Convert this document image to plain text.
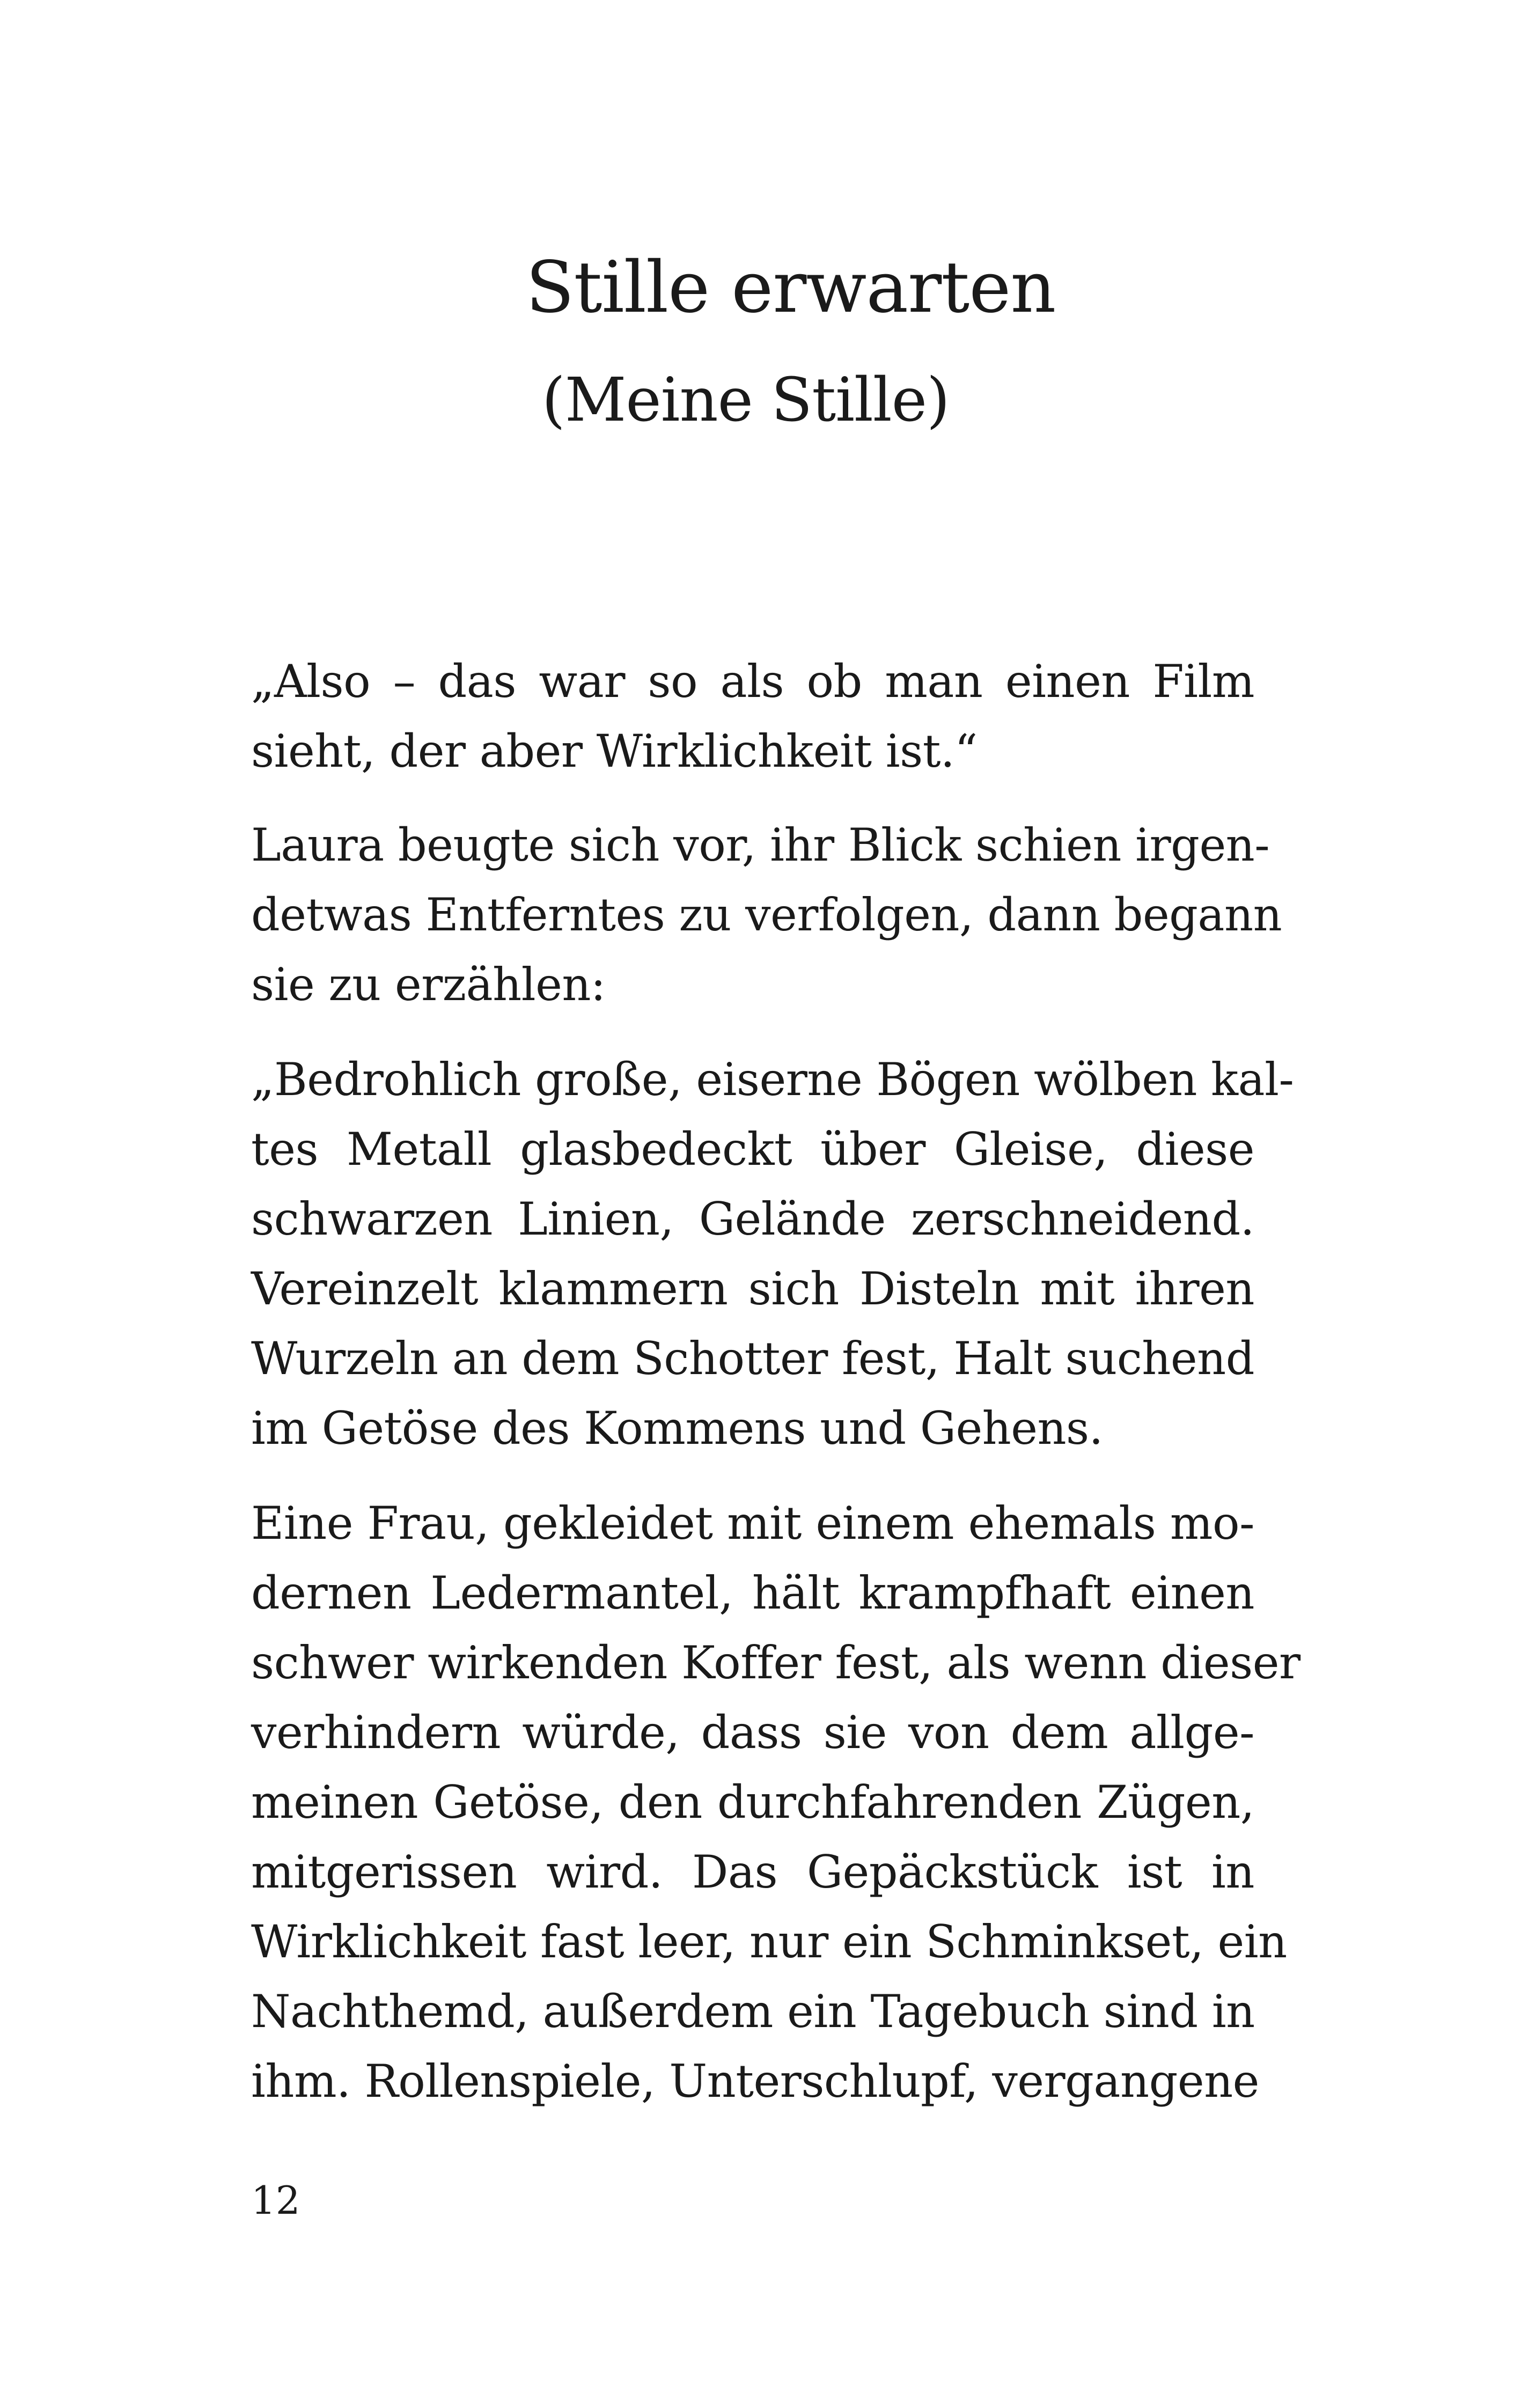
Stille erwarten
(Meine Stille)

„Also – das war so als ob man einen Film
sieht, der aber Wirklichkeit ist.“

Laura beugte sich vor, ihr Blick schien irgen-
detwas Entferntes zu verfolgen, dann begann
sie zu erzählen:

„Bedrohlich große, eiserne Bögen wölben kal-
tes Metall glasbedeckt über Gleise, diese
schwarzen Linien, Gelände zerschneidend.
Vereinzelt klammern sich Disteln mit ihren
Wurzeln an dem Schotter fest, Halt suchend
im Getöse des Kommens und Gehens.

Eine Frau, gekleidet mit einem ehemals mo-
dernen Ledermantel, hält krampfhaft einen
schwer wirkenden Koffer fest, als wenn dieser
verhindern würde, dass sie von dem allge-
meinen Getöse, den durchfahrenden Zügen,
mitgerissen wird. Das Gepäckstück ist in
Wirklichkeit fast leer, nur ein Schminkset, ein
Nachthemd, außerdem ein Tagebuch sind in
ihm. Rollenspiele, Unterschlupf, vergangene

12
